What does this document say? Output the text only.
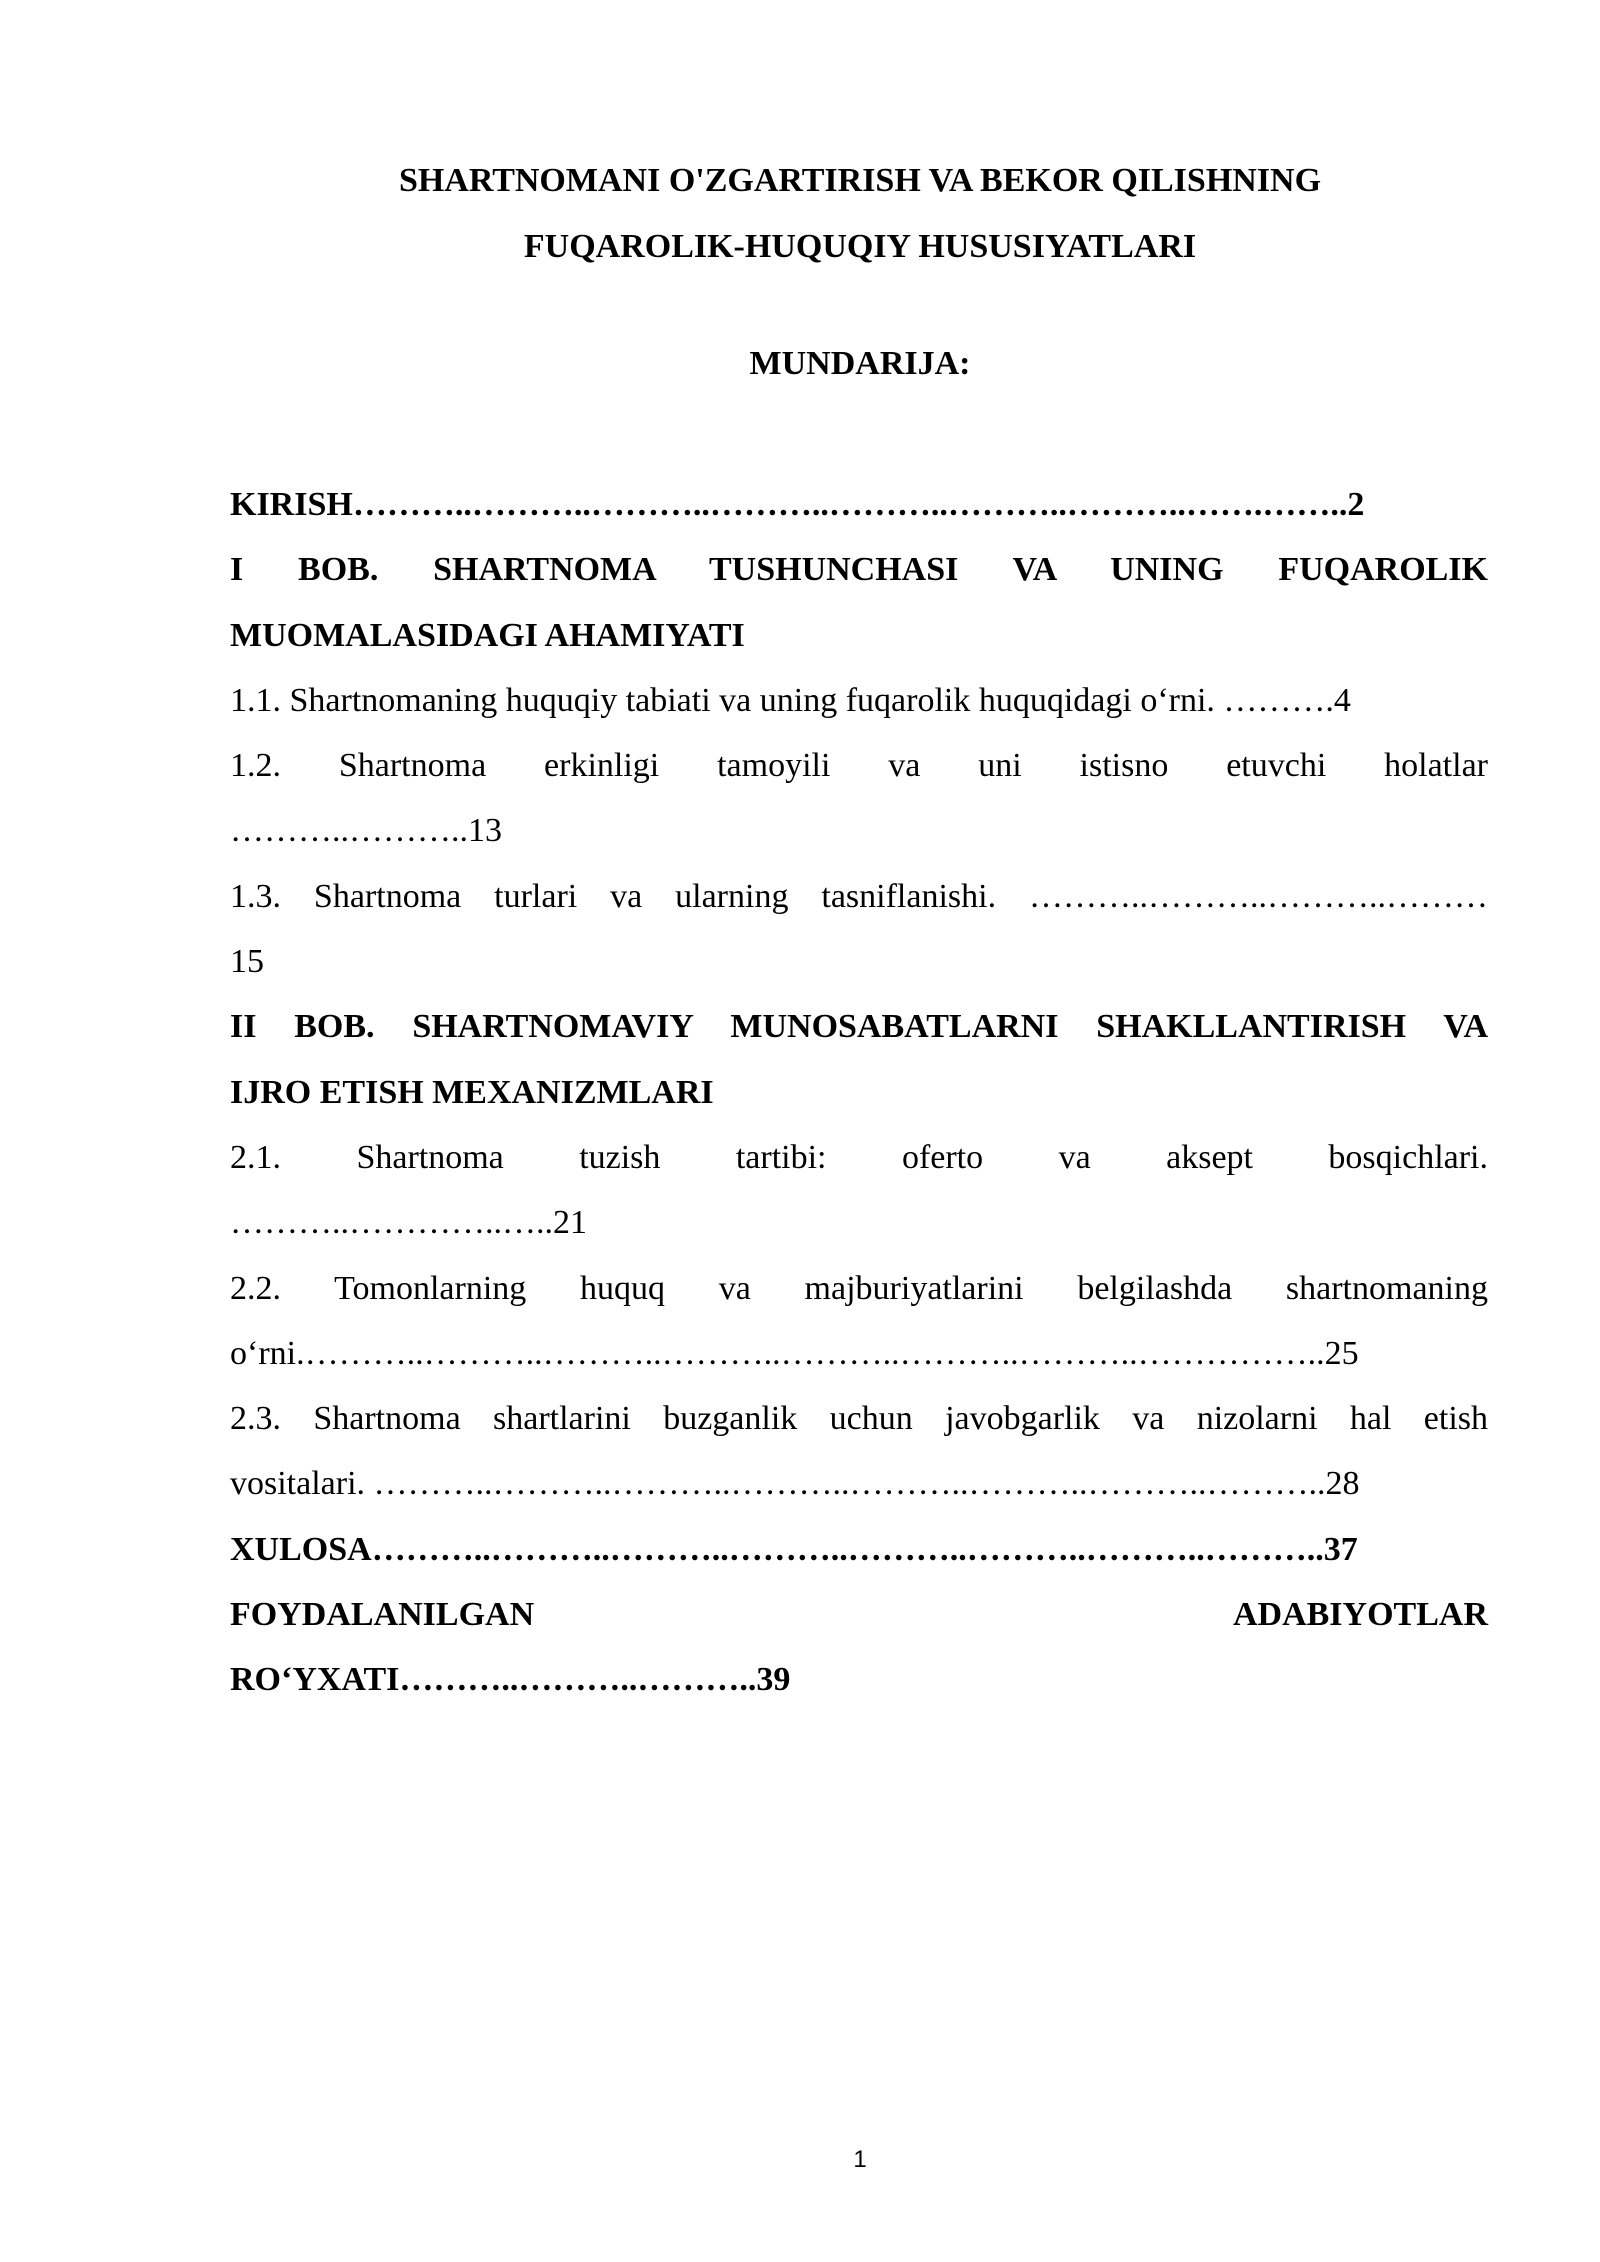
SHARTNOMANI O'ZGARTIRISH VA BEKOR QILISHNING
FUQAROLIK-HUQUQIY HUSUSIYATLARI
MUNDARIJA:

KIRISH………..………..………..………..………..………..………..…….……..2

I BOB. SHARTNOMA TUSHUNCHASI VA UNING FUQAROLIK

MUOMALASIDAGI AHAMIYATI

1.1. Shartnomaning huquqiy tabiati va uning fuqarolik huquqidagi o‘rni. ……….4

1.2. Shartnoma erkinligi tamoyili va uni istisno etuvchi holatlar

………..………..13

1.3. Shartnoma turlari va ularning tasniflanishi. ………..………..………..………

15

II BOB. SHARTNOMAVIY MUNOSABATLARNI SHAKLLANTIRISH VA

IJRO ETISH MEXANIZMLARI

2.1. Shartnoma tuzish tartibi: oferto va aksept bosqichlari.

………..…………..…..21

2.2. Tomonlarning huquq va majburiyatlarini belgilashda shartnomaning

o‘rni.………..………..………..………..………..………..………..……………..25

2.3. Shartnoma shartlarini buzganlik uchun javobgarlik va nizolarni hal etish

vositalari. ………..………..………..………..………..………..………..………..28

XULOSA………..………..………..………..………..………..………..………..37

FOYDALANILGAN ADABIYOTLAR

RO‘YXATI………..………..………..39

1
